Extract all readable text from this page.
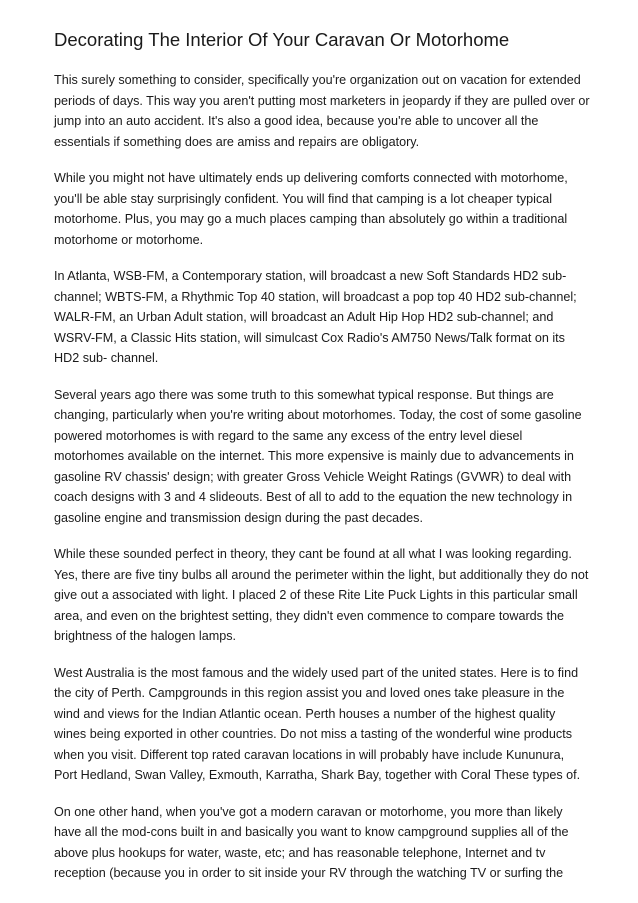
Decorating The Interior Of Your Caravan Or Motorhome

This surely something to consider, specifically you're organization out on vacation for extended periods of days. This way you aren't putting most marketers in jeopardy if they are pulled over or jump into an auto accident. It's also a good idea, because you're able to uncover all the essentials if something does are amiss and repairs are obligatory.

While you might not have ultimately ends up delivering comforts connected with motorhome, you'll be able stay surprisingly confident. You will find that camping is a lot cheaper typical motorhome. Plus, you may go a much places camping than absolutely go within a traditional motorhome or motorhome.

In Atlanta, WSB-FM, a Contemporary station, will broadcast a new Soft Standards HD2 sub-channel; WBTS-FM, a Rhythmic Top 40 station, will broadcast a pop top 40 HD2 sub-channel; WALR-FM, an Urban Adult station, will broadcast an Adult Hip Hop HD2 sub-channel; and WSRV-FM, a Classic Hits station, will simulcast Cox Radio's AM750 News/Talk format on its HD2 sub- channel.

Several years ago there was some truth to this somewhat typical response. But things are changing, particularly when you're writing about motorhomes. Today, the cost of some gasoline powered motorhomes is with regard to the same any excess of the entry level diesel motorhomes available on the internet. This more expensive is mainly due to advancements in gasoline RV chassis' design; with greater Gross Vehicle Weight Ratings (GVWR) to deal with coach designs with 3 and 4 slideouts. Best of all to add to the equation the new technology in gasoline engine and transmission design during the past decades.

While these sounded perfect in theory, they cant be found at all what I was looking regarding. Yes, there are five tiny bulbs all around the perimeter within the light, but additionally they do not give out a associated with light. I placed 2 of these Rite Lite Puck Lights in this particular small area, and even on the brightest setting, they didn't even commence to compare towards the brightness of the halogen lamps.

West Australia is the most famous and the widely used part of the united states. Here is to find the city of Perth. Campgrounds in this region assist you and loved ones take pleasure in the wind and views for the Indian Atlantic ocean. Perth houses a number of the highest quality wines being exported in other countries. Do not miss a tasting of the wonderful wine products when you visit. Different top rated caravan locations in will probably have include Kununura, Port Hedland, Swan Valley, Exmouth, Karratha, Shark Bay, together with Coral These types of.

On one other hand, when you've got a modern caravan or motorhome, you more than likely have all the mod-cons built in and basically you want to know campground supplies all of the above plus hookups for water, waste, etc; and has reasonable telephone, Internet and tv reception (because you in order to sit inside your RV through the watching TV or surfing the
